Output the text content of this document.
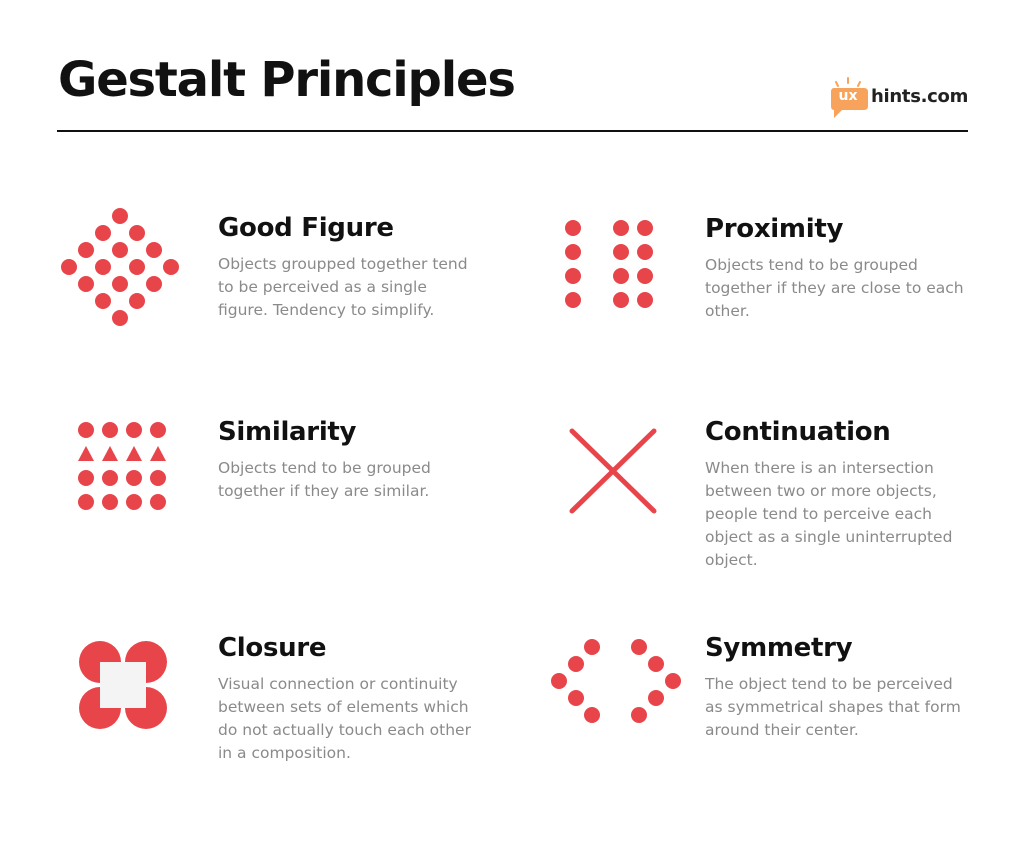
Gestalt Principles	ux hints.com
Good Figure

Objects groupped together tend to be perceived as a single figure. Tendency to simplify.

Proximity

Objects tend to be grouped together if they are close to each other.

Similarity

Objects tend to be grouped together if they are similar.

Continuation

When there is an intersection between two or more objects, people tend to perceive each object as a single uninterrupted object.

Closure

Visual connection or continuity between sets of elements which do not actually touch each other in a composition.

Symmetry

The object tend to be perceived as symmetrical shapes that form around their center.
